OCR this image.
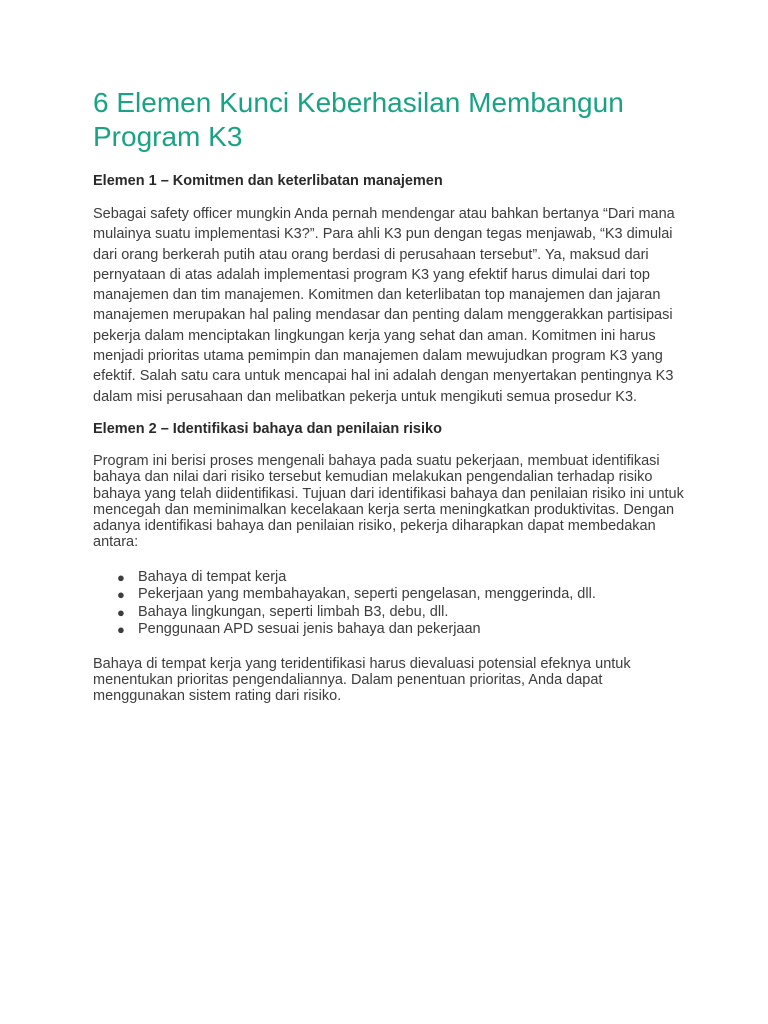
6 Elemen Kunci Keberhasilan Membangun Program K3
Elemen 1 – Komitmen dan keterlibatan manajemen

Sebagai safety officer mungkin Anda pernah mendengar atau bahkan bertanya “Dari mana mulainya suatu implementasi K3?”. Para ahli K3 pun dengan tegas menjawab, “K3 dimulai dari orang berkerah putih atau orang berdasi di perusahaan tersebut”. Ya, maksud dari pernyataan di atas adalah implementasi program K3 yang efektif harus dimulai dari top manajemen dan tim manajemen. Komitmen dan keterlibatan top manajemen dan jajaran manajemen merupakan hal paling mendasar dan penting dalam menggerakkan partisipasi pekerja dalam menciptakan lingkungan kerja yang sehat dan aman. Komitmen ini harus menjadi prioritas utama pemimpin dan manajemen dalam mewujudkan program K3 yang efektif. Salah satu cara untuk mencapai hal ini adalah dengan menyertakan pentingnya K3 dalam misi perusahaan dan melibatkan pekerja untuk mengikuti semua prosedur K3.

Elemen 2 – Identifikasi bahaya dan penilaian risiko

Program ini berisi proses mengenali bahaya pada suatu pekerjaan, membuat identifikasi bahaya dan nilai dari risiko tersebut kemudian melakukan pengendalian terhadap risiko bahaya yang telah diidentifikasi. Tujuan dari identifikasi bahaya dan penilaian risiko ini untuk mencegah dan meminimalkan kecelakaan kerja serta meningkatkan produktivitas. Dengan adanya identifikasi bahaya dan penilaian risiko, pekerja diharapkan dapat membedakan antara:

● Bahaya di tempat kerja
● Pekerjaan yang membahayakan, seperti pengelasan, menggerinda, dll.
● Bahaya lingkungan, seperti limbah B3, debu, dll.
● Penggunaan APD sesuai jenis bahaya dan pekerjaan

Bahaya di tempat kerja yang teridentifikasi harus dievaluasi potensial efeknya untuk menentukan prioritas pengendaliannya. Dalam penentuan prioritas, Anda dapat menggunakan sistem rating dari risiko.
